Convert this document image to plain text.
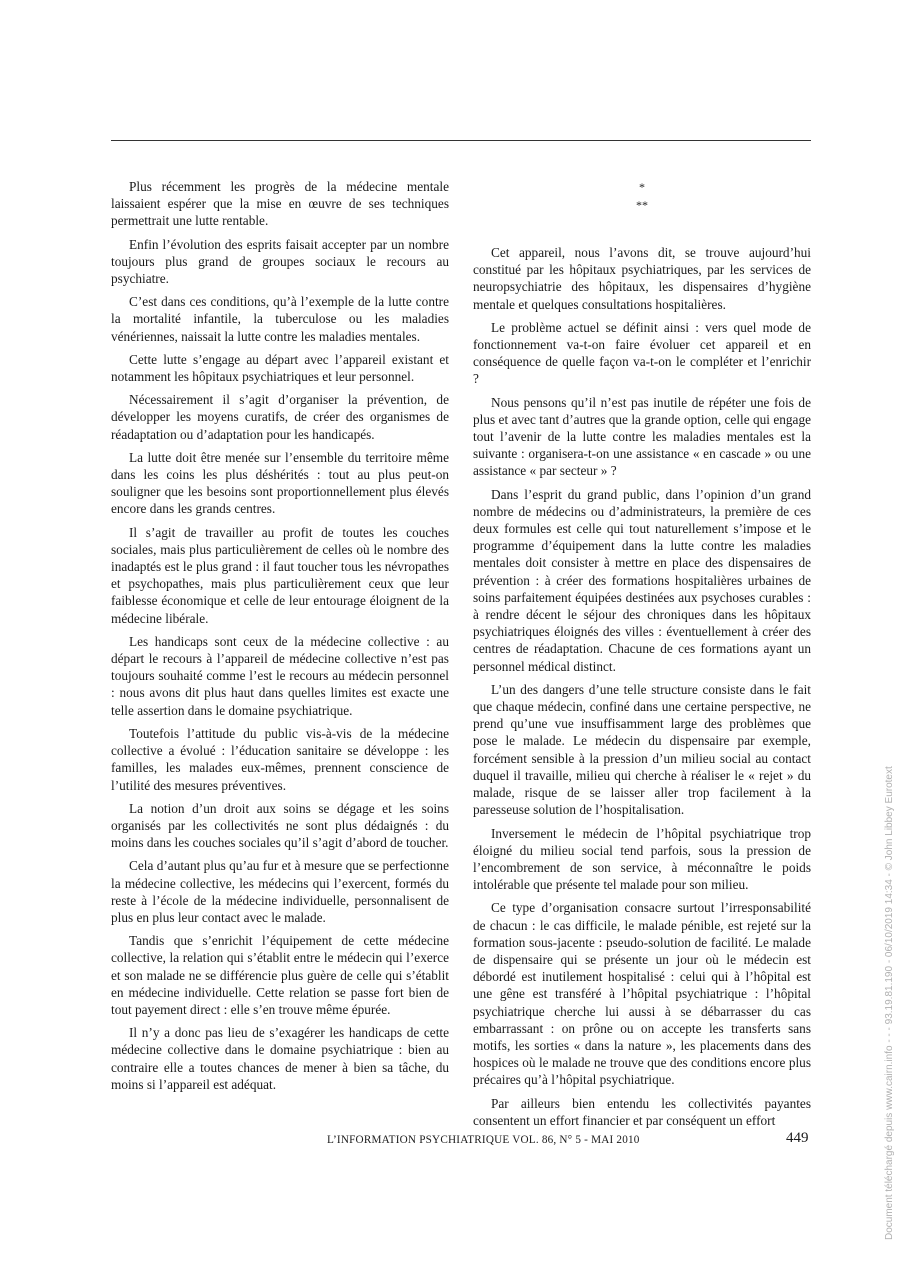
Plus récemment les progrès de la médecine mentale laissaient espérer que la mise en œuvre de ses techniques permettrait une lutte rentable.

Enfin l’évolution des esprits faisait accepter par un nombre toujours plus grand de groupes sociaux le recours au psychiatre.

C’est dans ces conditions, qu’à l’exemple de la lutte contre la mortalité infantile, la tuberculose ou les maladies vénériennes, naissait la lutte contre les maladies mentales.

Cette lutte s’engage au départ avec l’appareil existant et notamment les hôpitaux psychiatriques et leur personnel.

Nécessairement il s’agit d’organiser la prévention, de développer les moyens curatifs, de créer des organismes de réadaptation ou d’adaptation pour les handicapés.

La lutte doit être menée sur l’ensemble du territoire même dans les coins les plus déshérités : tout au plus peut-on souligner que les besoins sont proportionnellement plus élevés encore dans les grands centres.

Il s’agit de travailler au profit de toutes les couches sociales, mais plus particulièrement de celles où le nombre des inadaptés est le plus grand : il faut toucher tous les névropathes et psychopathes, mais plus particulièrement ceux que leur faiblesse économique et celle de leur entourage éloignent de la médecine libérale.

Les handicaps sont ceux de la médecine collective : au départ le recours à l’appareil de médecine collective n’est pas toujours souhaité comme l’est le recours au médecin personnel : nous avons dit plus haut dans quelles limites est exacte une telle assertion dans le domaine psychiatrique.

Toutefois l’attitude du public vis-à-vis de la médecine collective a évolué : l’éducation sanitaire se développe : les familles, les malades eux-mêmes, prennent conscience de l’utilité des mesures préventives.

La notion d’un droit aux soins se dégage et les soins organisés par les collectivités ne sont plus dédaignés : du moins dans les couches sociales qu’il s’agit d’abord de toucher.

Cela d’autant plus qu’au fur et à mesure que se perfectionne la médecine collective, les médecins qui l’exercent, formés du reste à l’école de la médecine individuelle, personnalisent de plus en plus leur contact avec le malade.

Tandis que s’enrichit l’équipement de cette médecine collective, la relation qui s’établit entre le médecin qui l’exerce et son malade ne se différencie plus guère de celle qui s’établit en médecine individuelle. Cette relation se passe fort bien de tout payement direct : elle s’en trouve même épurée.

Il n’y a donc pas lieu de s’exagérer les handicaps de cette médecine collective dans le domaine psychiatrique : bien au contraire elle a toutes chances de mener à bien sa tâche, du moins si l’appareil est adéquat.

*
**

Cet appareil, nous l’avons dit, se trouve aujourd’hui constitué par les hôpitaux psychiatriques, par les services de neuropsychiatrie des hôpitaux, les dispensaires d’hygiène mentale et quelques consultations hospitalières.

Le problème actuel se définit ainsi : vers quel mode de fonctionnement va-t-on faire évoluer cet appareil et en conséquence de quelle façon va-t-on le compléter et l’enrichir ?

Nous pensons qu’il n’est pas inutile de répéter une fois de plus et avec tant d’autres que la grande option, celle qui engage tout l’avenir de la lutte contre les maladies mentales est la suivante : organisera-t-on une assistance « en cascade » ou une assistance « par secteur » ?

Dans l’esprit du grand public, dans l’opinion d’un grand nombre de médecins ou d’administrateurs, la première de ces deux formules est celle qui tout naturellement s’impose et le programme d’équipement dans la lutte contre les maladies mentales doit consister à mettre en place des dispensaires de prévention : à créer des formations hospitalières urbaines de soins parfaitement équipées destinées aux psychoses curables : à rendre décent le séjour des chroniques dans les hôpitaux psychiatriques éloignés des villes : éventuellement à créer des centres de réadaptation. Chacune de ces formations ayant un personnel médical distinct.

L’un des dangers d’une telle structure consiste dans le fait que chaque médecin, confiné dans une certaine perspective, ne prend qu’une vue insuffisamment large des problèmes que pose le malade. Le médecin du dispensaire par exemple, forcément sensible à la pression d’un milieu social au contact duquel il travaille, milieu qui cherche à réaliser le « rejet » du malade, risque de se laisser aller trop facilement à la paresseuse solution de l’hospitalisation.

Inversement le médecin de l’hôpital psychiatrique trop éloigné du milieu social tend parfois, sous la pression de l’encombrement de son service, à méconnaître le poids intolérable que présente tel malade pour son milieu.

Ce type d’organisation consacre surtout l’irresponsabilité de chacun : le cas difficile, le malade pénible, est rejeté sur la formation sous-jacente : pseudo-solution de facilité. Le malade de dispensaire qui se présente un jour où le médecin est débordé est inutilement hospitalisé : celui qui à l’hôpital est une gêne est transféré à l’hôpital psychiatrique : l’hôpital psychiatrique cherche lui aussi à se débarrasser du cas embarrassant : on prône ou on accepte les transferts sans motifs, les sorties « dans la nature », les placements dans des hospices où le malade ne trouve que des conditions encore plus précaires qu’à l’hôpital psychiatrique.

Par ailleurs bien entendu les collectivités payantes consentent un effort financier et par conséquent un effort

L’INFORMATION PSYCHIATRIQUE VOL. 86, N° 5 - MAI 2010	449	Document téléchargé depuis www.cairn.info - - - 93.19.81.190 - 06/10/2019 14:34 - © John Libbey Eurotext
